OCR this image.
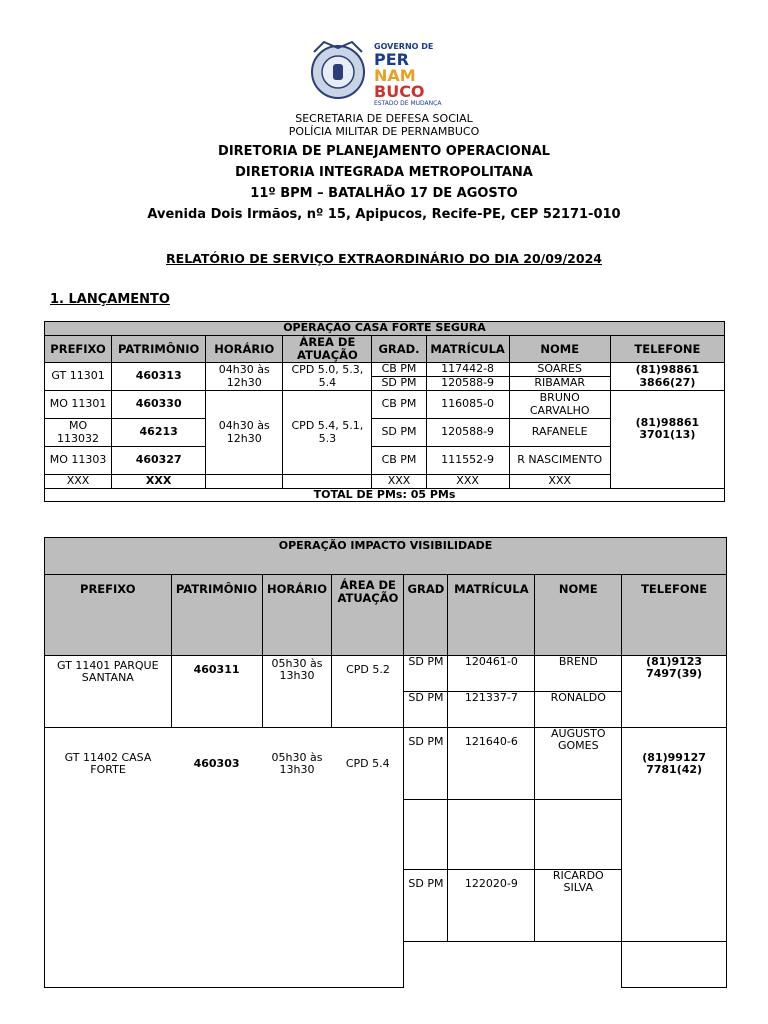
GOVERNO DE
PER
NAM
BUCO
ESTADO DE MUDANÇA
SECRETARIA DE DEFESA SOCIAL
POLÍCIA MILITAR DE PERNAMBUCO
DIRETORIA DE PLANEJAMENTO OPERACIONAL
DIRETORIA INTEGRADA METROPOLITANA
11º BPM – BATALHÃO 17 DE AGOSTO
Avenida Dois Irmãos, nº 15, Apipucos, Recife-PE, CEP 52171-010
RELATÓRIO DE SERVIÇO EXTRAORDINÁRIO DO DIA 20/09/2024
1. LANÇAMENTO
OPERAÇÃO CASA FORTE SEGURA							
PREFIXO	PATRIMÔNIO	HORÁRIO	ÁREA DE ATUAÇÃO	GRAD.	MATRÍCULA	NOME	TELEFONE
GT 11301	460313	04h30 às 12h30	CPD 5.0, 5.3, 5.4	CB PM	117442-8	SOARES	(81)98861 3866(27)
				SD PM	120588-9	RIBAMAR	
MO 11301	460330	04h30 às 12h30	CPD 5.4, 5.1, 5.3	CB PM	116085-0	BRUNO CARVALHO	(81)98861 3701(13)
MO 113032	46213			SD PM	120588-9	RAFANELE	
MO 11303	460327			CB PM	111552-9	R NASCIMENTO	
XXX	XXX			XXX	XXX	XXX	
TOTAL DE PMs: 05 PMs							
OPERAÇÃO IMPACTO VISIBILIDADE							
PREFIXO	PATRIMÔNIO	HORÁRIO	ÁREA DE ATUAÇÃO	GRAD	MATRÍCULA	NOME	TELEFONE
GT 11401 PARQUE SANTANA	460311	05h30 às 13h30	CPD 5.2	SD PM	120461-0	BREND	(81)9123 7497(39)
				SD PM	121337-7	RONALDO	
GT 11402 CASA FORTE	460303	05h30 às 13h30	CPD 5.4	SD PM	121640-6	AUGUSTO GOMES	(81)99127 7781(42)

				SD PM	122020-9	RICARDO SILVA	
